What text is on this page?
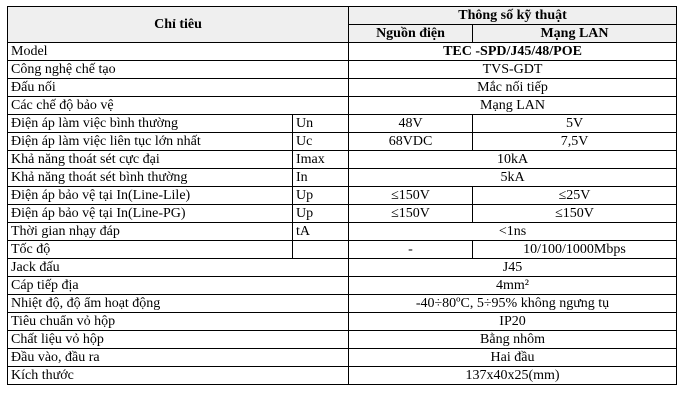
Chỉ tiêu		Thông số kỹ thuật	
		Nguồn điện	Mạng LAN
Model		TEC -SPD/J45/48/POE	
Công nghệ chế tạo		TVS-GDT	
Đấu nối		Mắc nối tiếp	
Các chế độ bảo vệ		Mạng LAN	
Điện áp làm việc bình thường	Un	48V	5V
Điện áp làm việc liên tục lớn nhất	Uc	68VDC	7,5V
Khả năng thoát sét cực đại	Imax	10kA	
Khả năng thoát sét bình thường	In	5kA	
Điện áp bảo vệ tại In(Line-Lile)	Up	≤150V	≤25V
Điện áp bảo vệ tại In(Line-PG)	Up	≤150V	≤150V
Thời gian nhạy đáp	tA	<1ns	
Tốc độ		-	10/100/1000Mbps
Jack đấu		J45	
Cáp tiếp địa		4mm²	
Nhiệt độ, độ ẩm hoạt động		-40÷80ºC, 5÷95% không ngưng tụ	
Tiêu chuẩn vỏ hộp		IP20	
Chất liệu vỏ hộp		Bằng nhôm	
Đầu vào, đầu ra		Hai đầu	
Kích thước		137x40x25(mm)	
